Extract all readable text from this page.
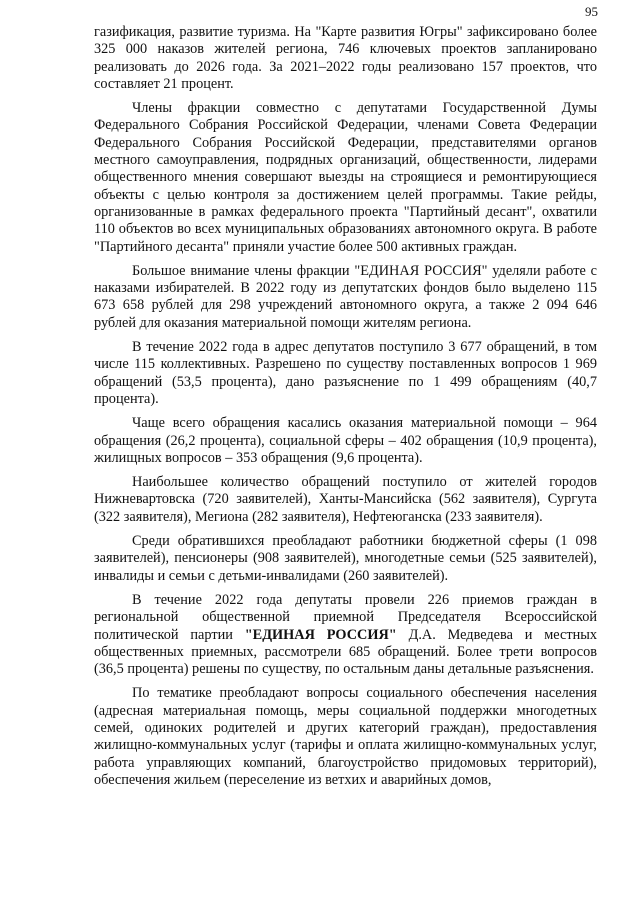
95

газификация, развитие туризма. На "Карте развития Югры" зафиксировано более 325 000 наказов жителей региона, 746 ключевых проектов запланировано реализовать до 2026 года. За 2021–2022 годы реализовано 157 проектов, что составляет 21 процент.

Члены фракции совместно с депутатами Государственной Думы Федерального Собрания Российской Федерации, членами Совета Федерации Федерального Собрания Российской Федерации, представителями органов местного самоуправления, подрядных организаций, общественности, лидерами общественного мнения совершают выезды на строящиеся и ремонтирующиеся объекты с целью контроля за достижением целей программы. Такие рейды, организованные в рамках федерального проекта "Партийный десант", охватили 110 объектов во всех муниципальных образованиях автономного округа. В работе "Партийного десанта" приняли участие более 500 активных граждан.

Большое внимание члены фракции "ЕДИНАЯ РОССИЯ" уделяли работе с наказами избирателей. В 2022 году из депутатских фондов было выделено 115 673 658 рублей для 298 учреждений автономного округа, а также 2 094 646 рублей для оказания материальной помощи жителям региона.

В течение 2022 года в адрес депутатов поступило 3 677 обращений, в том числе 115 коллективных. Разрешено по существу поставленных вопросов 1 969 обращений (53,5 процента), дано разъяснение по 1 499 обращениям (40,7 процента).

Чаще всего обращения касались оказания материальной помощи – 964 обращения (26,2 процента), социальной сферы – 402 обращения (10,9 процента), жилищных вопросов – 353 обращения (9,6 процента).

Наибольшее количество обращений поступило от жителей городов Нижневартовска (720 заявителей), Ханты-Мансийска (562 заявителя), Сургута (322 заявителя), Мегиона (282 заявителя), Нефтеюганска (233 заявителя).

Среди обратившихся преобладают работники бюджетной сферы (1 098 заявителей), пенсионеры (908 заявителей), многодетные семьи (525 заявителей), инвалиды и семьи с детьми-инвалидами (260 заявителей).

В течение 2022 года депутаты провели 226 приемов граждан в региональной общественной приемной Председателя Всероссийской политической партии "ЕДИНАЯ РОССИЯ" Д.А. Медведева и местных общественных приемных, рассмотрели 685 обращений. Более трети вопросов (36,5 процента) решены по существу, по остальным даны детальные разъяснения.

По тематике преобладают вопросы социального обеспечения населения (адресная материальная помощь, меры социальной поддержки многодетных семей, одиноких родителей и других категорий граждан), предоставления жилищно-коммунальных услуг (тарифы и оплата жилищно-коммунальных услуг, работа управляющих компаний, благоустройство придомовых территорий), обеспечения жильем (переселение из ветхих и аварийных домов,
